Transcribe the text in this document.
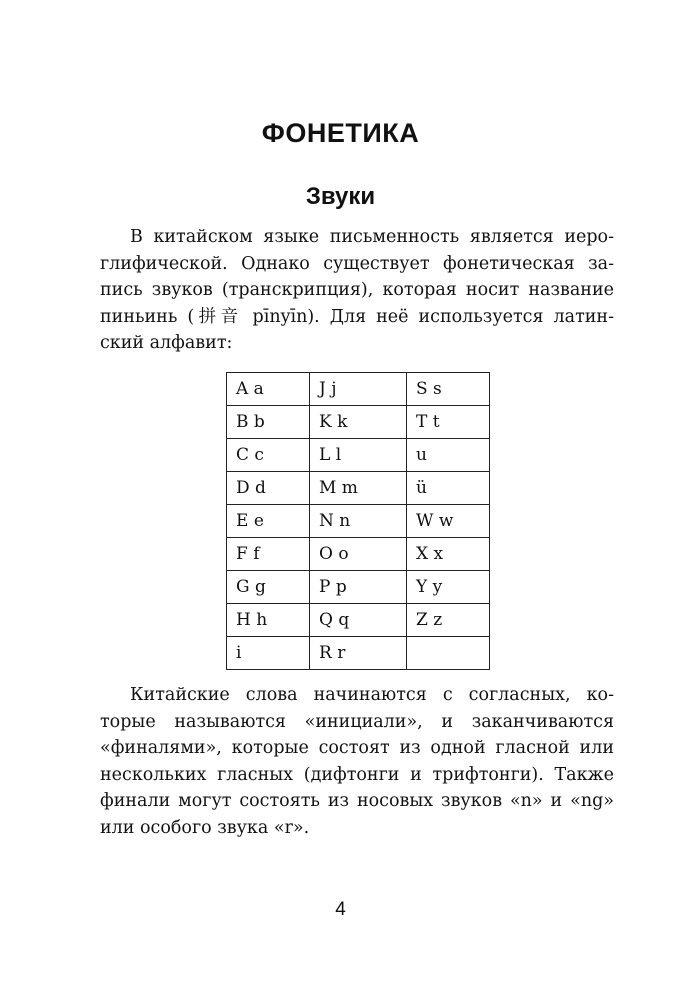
ФОНЕТИКА
Звуки
В китайском языке письменность является иеро-
глифической. Однако существует фонетическая за-
пись звуков (транскрипция), которая носит название
пиньинь (拼音 pīnyīn). Для неё используется латин-
ский алфавит:
A a	J j	S s
B b	K k	T t
C c	L l	u
D d	M m	ü
E e	N n	W w
F f	O o	X x
G g	P p	Y y
H h	Q q	Z z
i	R r	
Китайские слова начинаются с согласных, ко-
торые называются «инициали», и заканчиваются
«финалями», которые состоят из одной гласной или
нескольких гласных (дифтонги и трифтонги). Также
финали могут состоять из носовых звуков «n» и «ng»
или особого звука «r».
4
